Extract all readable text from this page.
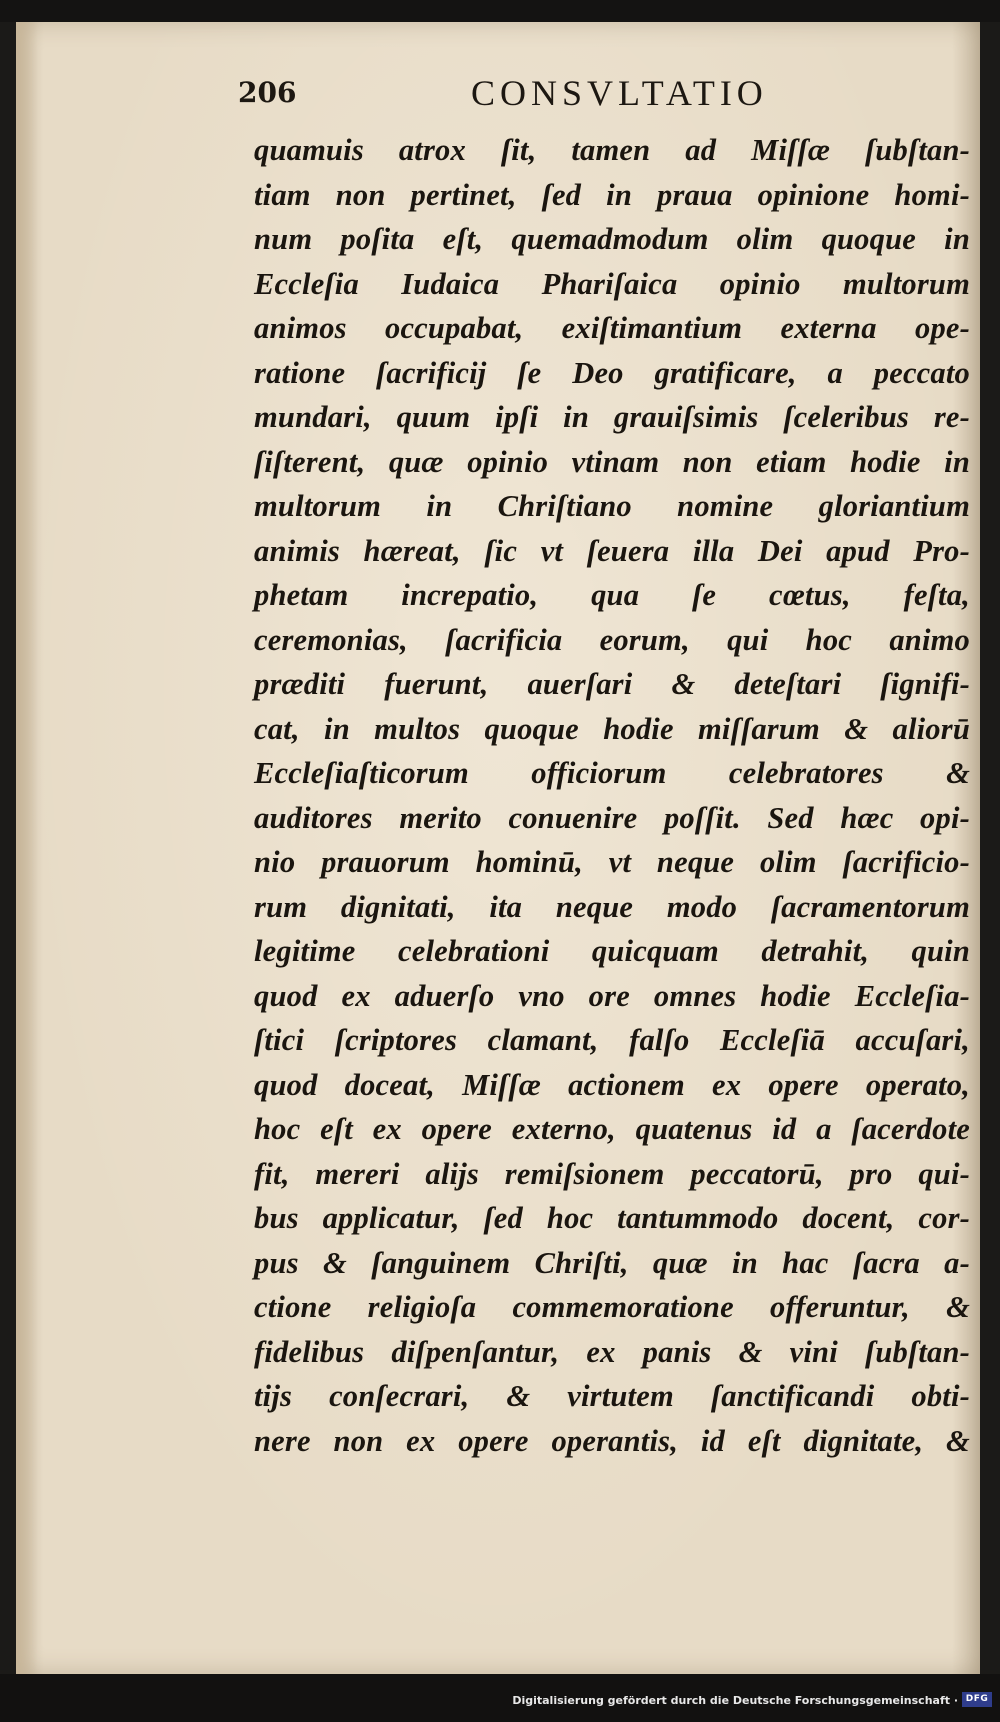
206	CONSVLTATIO
quamuis atrox ſit, tamen ad Miſſæ ſubſtan-
tiam non pertinet, ſed in praua opinione homi-
num poſita eſt, quemadmodum olim quoque in
Eccleſia Iudaica Phariſaica opinio multorum
animos occupabat, exiſtimantium externa ope-
ratione ſacrificij ſe Deo gratificare, a peccato
mundari, quum ipſi in grauiſsimis ſceleribus re-
ſiſterent, quæ opinio vtinam non etiam hodie in
multorum in Chriſtiano nomine gloriantium
animis hæreat, ſic vt ſeuera illa Dei apud Pro-
phetam increpatio, qua ſe cœtus, feſta,
ceremonias, ſacrificia eorum, qui hoc animo
præditi fuerunt, auerſari & deteſtari ſignifi-
cat, in multos quoque hodie miſſarum & aliorū
Eccleſiaſticorum officiorum celebratores &
auditores merito conuenire poſſit. Sed hæc opi-
nio prauorum hominū, vt neque olim ſacrificio-
rum dignitati, ita neque modo ſacramentorum
legitime celebrationi quicquam detrahit, quin
quod ex aduerſo vno ore omnes hodie Eccleſia-
ſtici ſcriptores clamant, falſo Eccleſiā accuſari,
quod doceat, Miſſæ actionem ex opere operato,
hoc eſt ex opere externo, quatenus id a ſacerdote
fit, mereri alijs remiſsionem peccatorū, pro qui-
bus applicatur, ſed hoc tantummodo docent, cor-
pus & ſanguinem Chriſti, quæ in hac ſacra a-
ctione religioſa commemoratione offeruntur, &
fidelibus diſpenſantur, ex panis & vini ſubſtan-
tijs conſecrari, & virtutem ſanctificandi obti-
nere non ex opere operantis, id eſt dignitate, &
Digitalisierung gefördert durch die Deutsche Forschungsgemeinschaft · DFG
